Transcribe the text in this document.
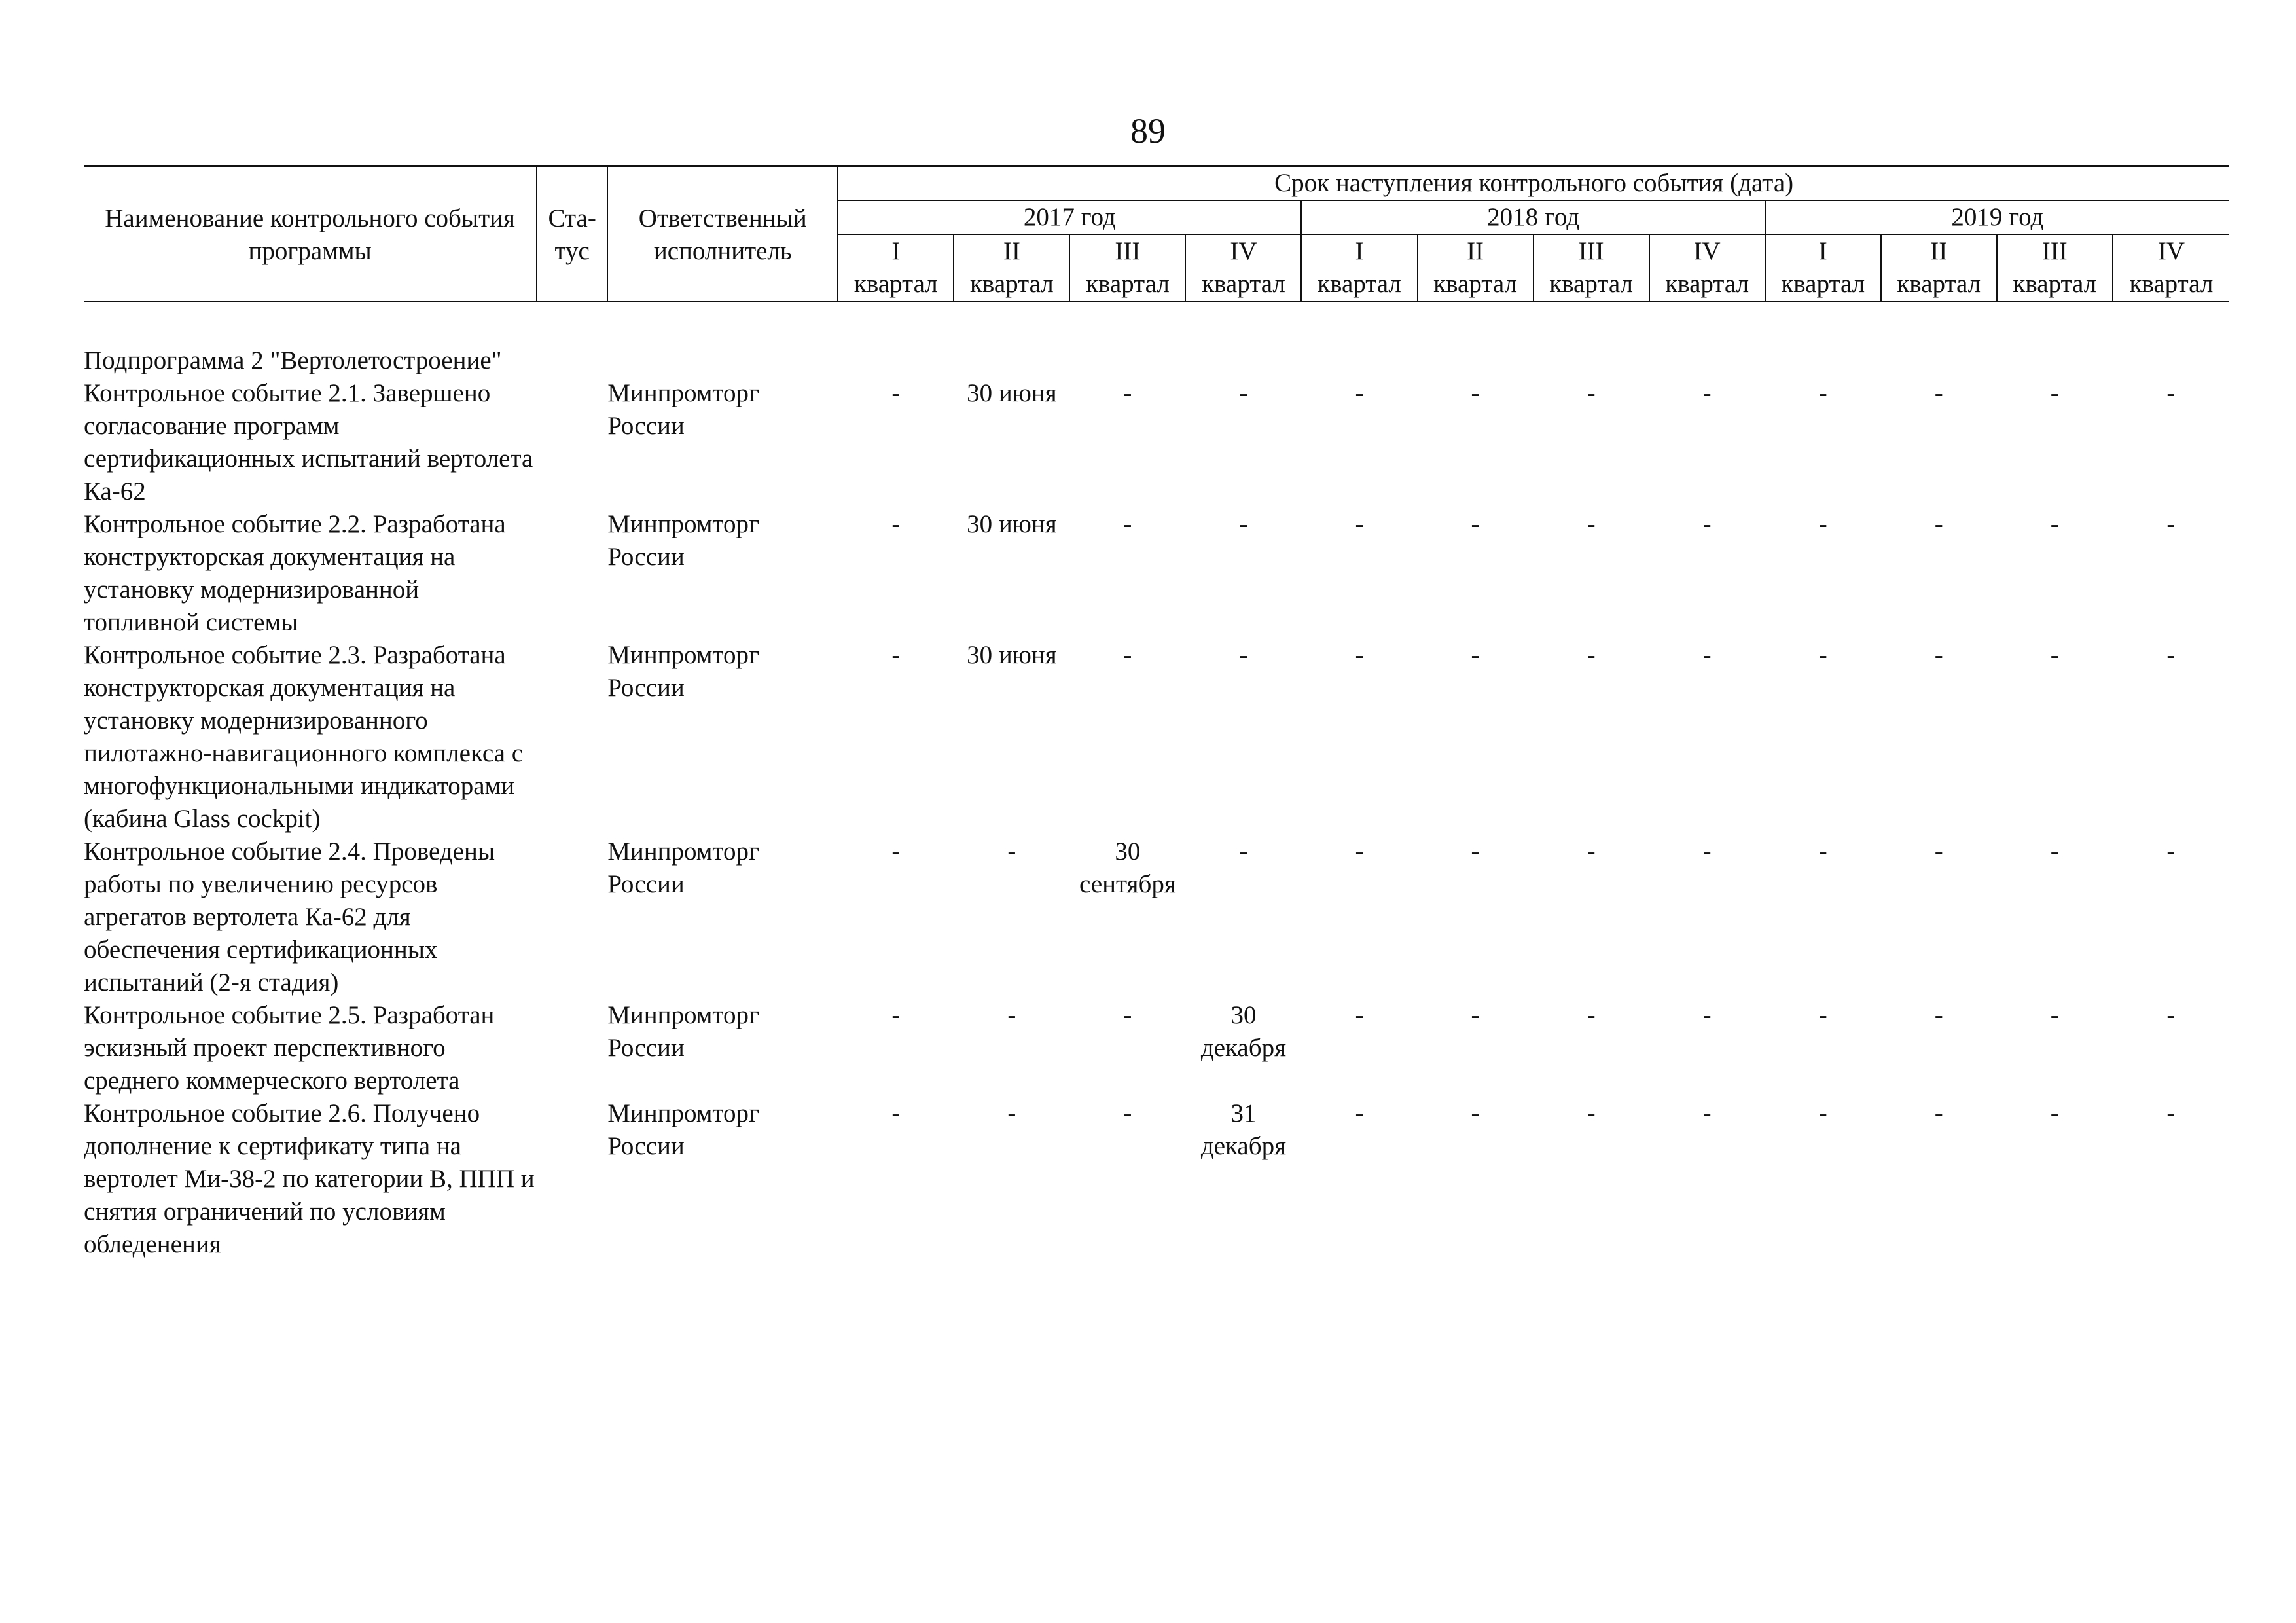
89
Наименование контрольного события программы	Ста- тус	Ответственный исполнитель	Срок наступления контрольного события (дата)											
			2017 год				2018 год				2019 год			
			I	II	III	IV	I	II	III	IV	I	II	III	IV
			квартал	квартал	квартал	квартал	квартал	квартал	квартал	квартал	квартал	квартал	квартал	квартал

Подпрограмма 2 "Вертолетостроение"														
Контрольное событие 2.1. Завершено согласование программ сертификационных испытаний вертолета Ка-62		Минпромторг России	-	30 июня	-	-	-	-	-	-	-	-	-	-
Контрольное событие 2.2. Разработана конструкторская документация на установку модернизированной топливной системы		Минпромторг России	-	30 июня	-	-	-	-	-	-	-	-	-	-
Контрольное событие 2.3. Разработана конструкторская документация на установку модернизированного пилотажно-навигационного комплекса с многофункциональными индикаторами (кабина Glass cockpit)		Минпромторг России	-	30 июня	-	-	-	-	-	-	-	-	-	-
Контрольное событие 2.4. Проведены работы по увеличению ресурсов агрегатов вертолета Ка-62 для обеспечения сертификационных испытаний (2-я стадия)		Минпромторг России	-	-	30 сентября	-	-	-	-	-	-	-	-	-
Контрольное событие 2.5. Разработан эскизный проект перспективного среднего коммерческого вертолета		Минпромторг России	-	-	-	30 декабря	-	-	-	-	-	-	-	-
Контрольное событие 2.6. Получено дополнение к сертификату типа на вертолет Ми-38-2 по категории В, ППП и снятия ограничений по условиям обледенения		Минпромторг России	-	-	-	31 декабря	-	-	-	-	-	-	-	-
